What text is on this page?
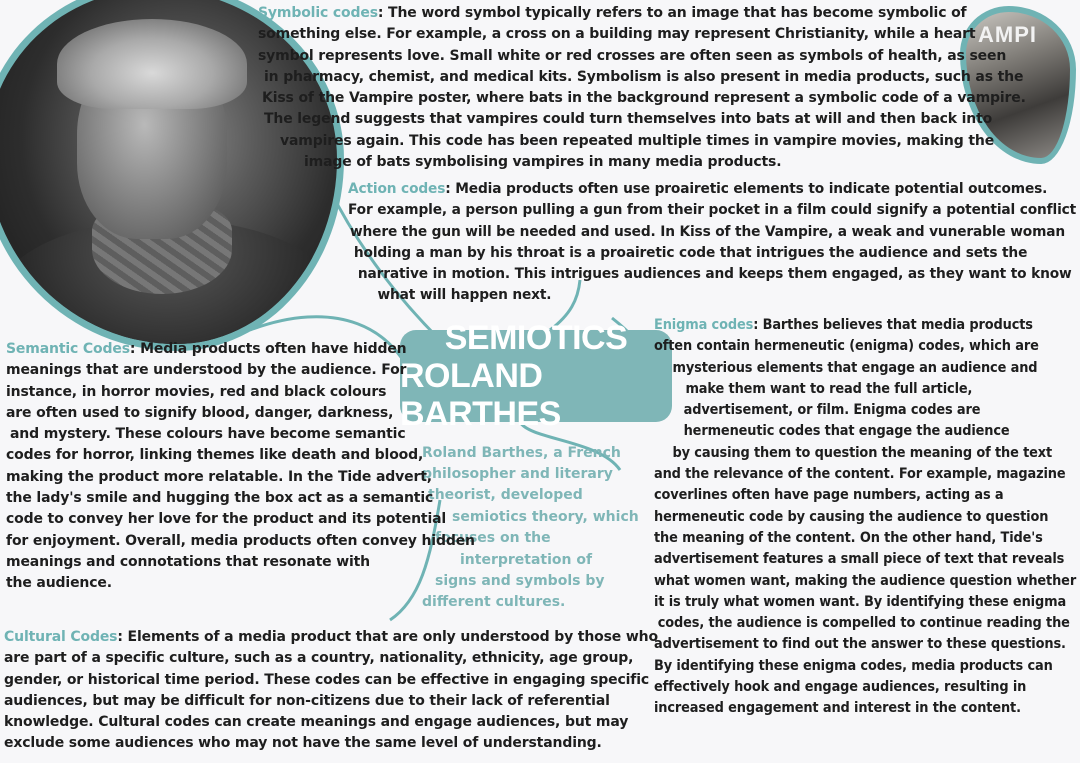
AMPI
Symbolic codes: The word symbol typically refers to an image that has become symbolic of
something else. For example, a cross on a building may represent Christianity, while a heart
symbol represents love. Small white or red crosses are often seen as symbols of health, as seen
in pharmacy, chemist, and medical kits. Symbolism is also present in media products, such as the
Kiss of the Vampire poster, where bats in the background represent a symbolic code of a vampire.
The legend suggests that vampires could turn themselves into bats at will and then back into
vampires again. This code has been repeated multiple times in vampire movies, making the
image of bats symbolising vampires in many media products.
Action codes: Media products often use proairetic elements to indicate potential outcomes.
For example, a person pulling a gun from their pocket in a film could signify a potential conflict
where the gun will be needed and used. In Kiss of the Vampire, a weak and vunerable woman
holding a man by his throat is a proairetic code that intrigues the audience and sets the
narrative in motion. This intrigues audiences and keeps them engaged, as they want to know
what will happen next.
SEMIOTICS
ROLAND BARTHES
Roland Barthes, a French
philosopher and literary
theorist, developed
semiotics theory, which
focuses on the
interpretation of
signs and symbols by
different cultures.
Semantic Codes: Media products often have hidden
meanings that are understood by the audience. For
instance, in horror movies, red and black colours
are often used to signify blood, danger, darkness,
and mystery. These colours have become semantic
codes for horror, linking themes like death and blood,
making the product more relatable. In the Tide advert,
the lady's smile and hugging the box act as a semantic
code to convey her love for the product and its potential
for enjoyment. Overall, media products often convey hidden
meanings and connotations that resonate with
the audience.
Enigma codes: Barthes believes that media products
often contain hermeneutic (enigma) codes, which are
mysterious elements that engage an audience and
make them want to read the full article,
advertisement, or film. Enigma codes are
hermeneutic codes that engage the audience
by causing them to question the meaning of the text
and the relevance of the content. For example, magazine
coverlines often have page numbers, acting as a
hermeneutic code by causing the audience to question
the meaning of the content. On the other hand, Tide's
advertisement features a small piece of text that reveals
what women want, making the audience question whether
it is truly what women want. By identifying these enigma
codes, the audience is compelled to continue reading the
advertisement to find out the answer to these questions.
By identifying these enigma codes, media products can
effectively hook and engage audiences, resulting in
increased engagement and interest in the content.
Cultural Codes: Elements of a media product that are only understood by those who
are part of a specific culture, such as a country, nationality, ethnicity, age group,
gender, or historical time period. These codes can be effective in engaging specific
audiences, but may be difficult for non-citizens due to their lack of referential
knowledge. Cultural codes can create meanings and engage audiences, but may
exclude some audiences who may not have the same level of understanding.
